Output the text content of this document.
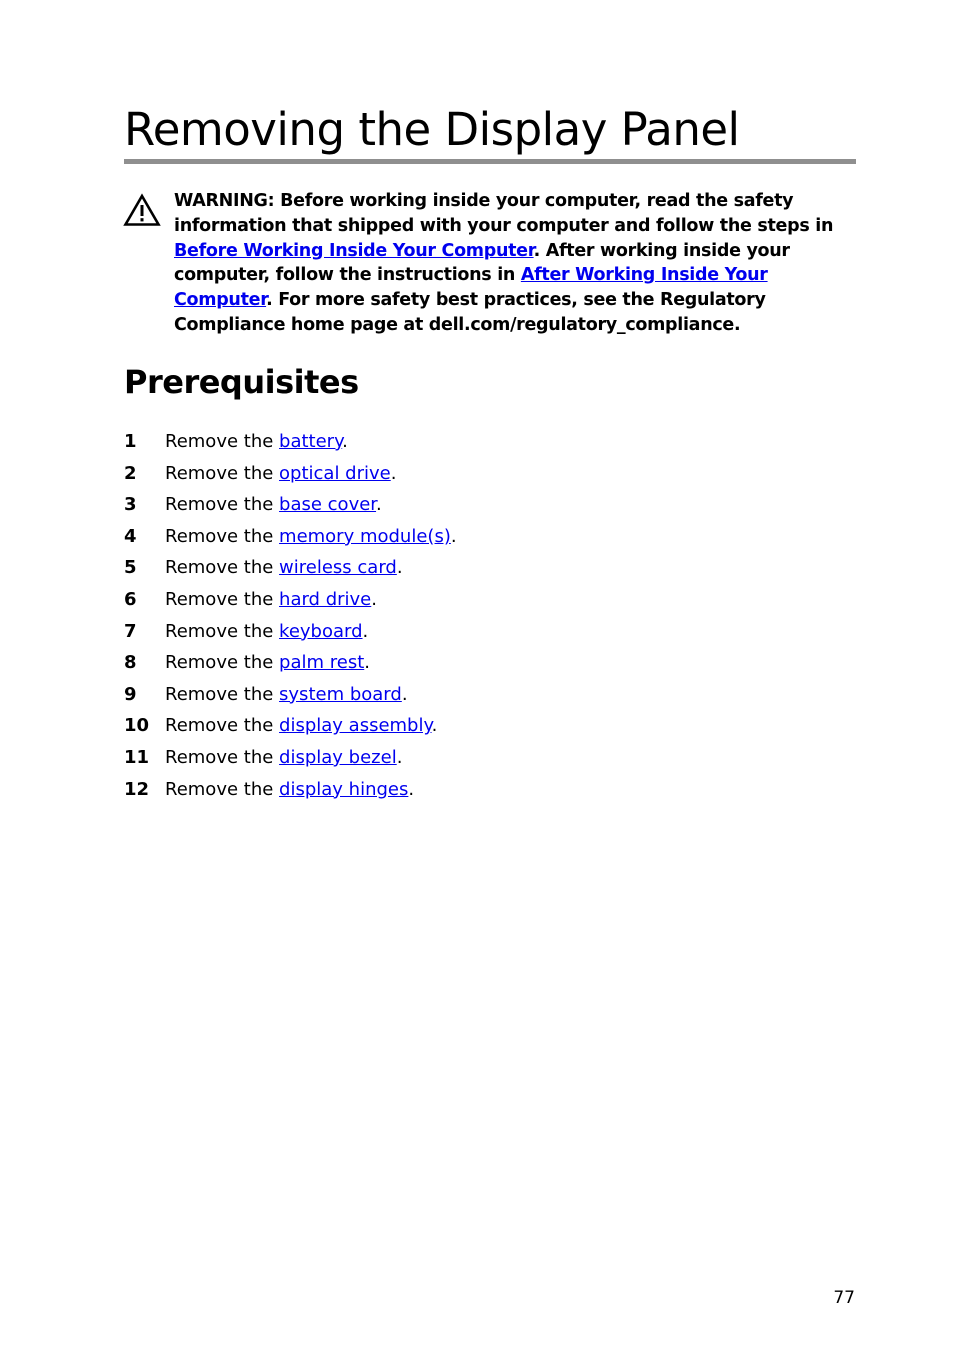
Removing the Display Panel

WARNING: Before working inside your computer, read the safety information that shipped with your computer and follow the steps in Before Working Inside Your Computer. After working inside your computer, follow the instructions in After Working Inside Your Computer. For more safety best practices, see the Regulatory Compliance home page at dell.com/regulatory_compliance.

Prerequisites
1 Remove the battery.
2 Remove the optical drive.
3 Remove the base cover.
4 Remove the memory module(s).
5 Remove the wireless card.
6 Remove the hard drive.
7 Remove the keyboard.
8 Remove the palm rest.
9 Remove the system board.
10 Remove the display assembly.
11 Remove the display bezel.
12 Remove the display hinges.
77
